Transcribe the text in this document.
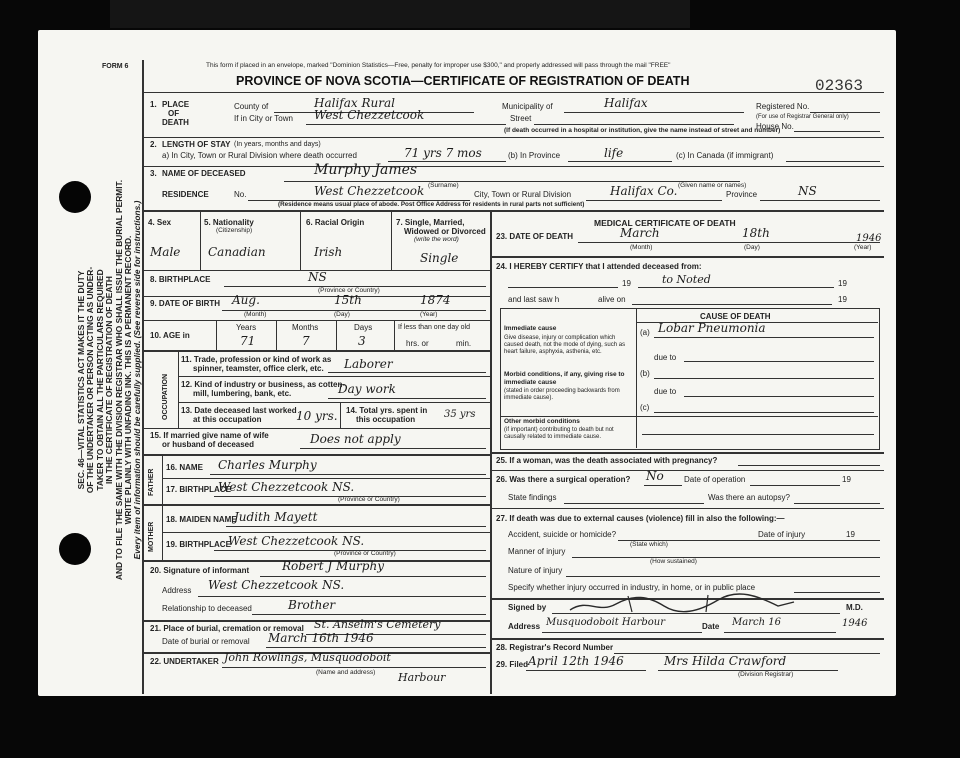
FORM 6	This form if placed in an envelope, marked "Dominion Statistics—Free, penalty for improper use $300," and properly addressed will pass through the mail "FREE"
PROVINCE OF NOVA SCOTIA—CERTIFICATE OF REGISTRATION OF DEATH	02363
SEC. 46—VITAL STATISTICS ACT MAKES IT THE DUTY OF THE UNDERTAKER OR PERSON ACTING AS UNDER- TAKER TO OBTAIN ALL THE PARTICULARS REQUIRED IN THE CERTIFICATE OF REGISTRATION OF DEATH AND TO FILE THE SAME WITH THE DIVISION REGISTRAR WHO SHALL ISSUE THE BURIAL PERMIT. WRITE PLAINLY WITH UNFADING INK. THIS IS A PERMANENT RECORD. Every item of information should be carefully supplied. (See reverse side for instructions.)
1. PLACE
OF
DEATH
County of	Halifax Rural	Municipality of	Halifax	Registered No.
(For use of Registrar General only)
If in City or Town West Chezzetcook	Street
House No.
(If death occurred in a hospital or institution, give the name instead of street and number)
2. LENGTH OF STAY (In years, months and days)
a) In City, Town or Rural Division where death occurred	71 yrs 7 mos	(b) In Province	life	(c) In Canada (if immigrant)
3. NAME OF DECEASED	Murphy James
(Surname)	(Given name or names)
RESIDENCE	No.	West Chezzetcook	City, Town or Rural Division	Halifax Co.	Province	NS
(Residence means usual place of abode. Post Office Address for residents in rural parts not sufficient)
4. Sex
Male
5. Nationality
(Citizenship)
Canadian
6. Racial Origin
Irish
7. Single, Married,
Widowed or Divorced
(write the word)
Single
8. BIRTHPLACE	NS
(Province or Country)
9. DATE OF BIRTH Aug.	15th	1874
(Month)	(Day)	(Year)
10. AGE in
Years	Months	Days
71	7	3
If less than one day old
hrs. or	min.
OCCUPATION
11. Trade, profession or kind of work as
spinner, teamster, office clerk, etc. Laborer
12. Kind of industry or business, as cotten-
mill, lumbering, bank, etc.	Day work
13. Date deceased last worked
at this occupation	10 yrs. 14. Total yrs. spent in
this occupation	35 yrs
15. If married give name of wife
or husband of deceased	Does not apply
FATHER
16. NAME Charles Murphy
17. BIRTHPLACE
West Chezzetcook NS.
(Province or Country)
MOTHER
18. MAIDEN NAME
Judith Mayett
19. BIRTHPLACE
West Chezzetcook NS.
(Province or Country)
20. Signature of informant	Robert J Murphy
Address West Chezzetcook NS.
Relationship to deceased	Brother
21. Place of burial, cremation or removal St. Anselm's Cemetery
Date of burial or removal March 16th 1946
22. UNDERTAKER John Rowlings, Musquodoboit
(Name and address) Harbour
MEDICAL CERTIFICATE OF DEATH
23. DATE OF DEATH	March	18th	1946
(Month)	(Day)	(Year)
24. I HEREBY CERTIFY that I attended deceased from:
19	to Noted	19
and last saw h	alive on	19
CAUSE OF DEATH
Immediate cause
Give disease, injury or complication which caused death, not the mode of dying, such as heart failure, asphyxia, asthenia, etc.
(a) Lobar Pneumonia
due to
Morbid conditions, if any, giving rise to immediate cause
(stated in order proceeding backwards from immediate cause).
(b)
due to
(c)
Other morbid conditions
(if important) contributing to death but not causally related to immediate cause.
25. If a woman, was the death associated with pregnancy?
26. Was there a surgical operation? No	Date of operation	19
State findings	Was there an autopsy?
27. If death was due to external causes (violence) fill in also the following:—
Accident, suicide or homicide?
(State which)
Date of injury	19
Manner of injury
(How sustained)
Nature of injury
Specify whether injury occurred in industry, in home, or in public place
Signed by	M.D.
Address Musquodoboit Harbour	Date March 16	1946
28. Registrar's Record Number
29. Filed April 12th 1946	Mrs Hilda Crawford
(Division Registrar)
